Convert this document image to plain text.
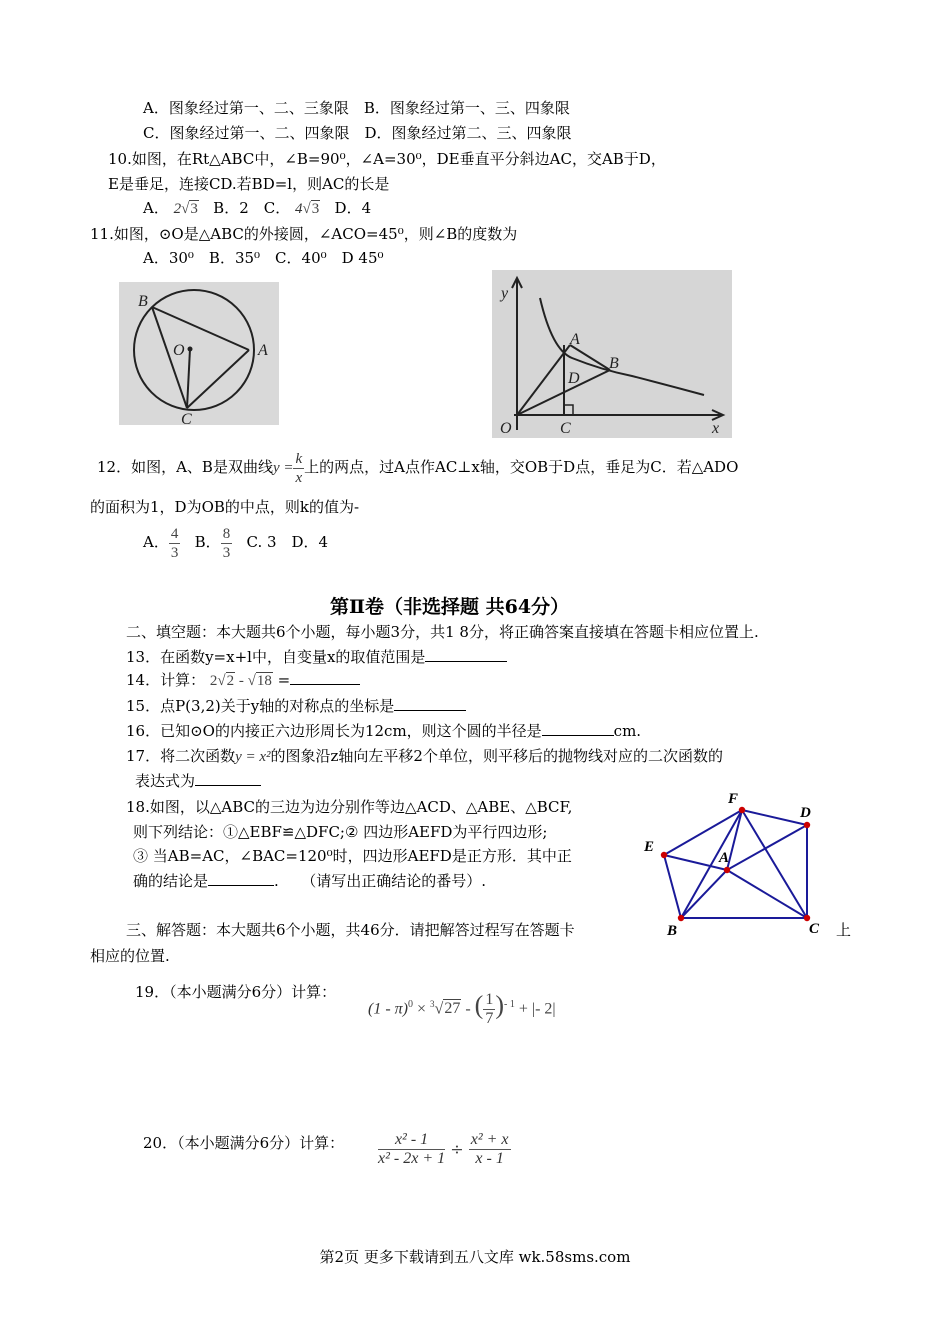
A．图象经过第一、二、三象限　B．图象经过第一、三、四象限
C．图象经过第一、二、四象限　D．图象经过第二、三、四象限
10.如图，在Rt△ABC中，∠B=90⁰，∠A=30⁰，DE垂直平分斜边AC，交AB于D，
E是垂足，连接CD.若BD=l，则AC的长是
A． 2√3 B．2　C． 4√3 D．4
11.如图，⊙O是△ABC的外接圆，∠ACO=45⁰，则∠B的度数为
A．30⁰　B．35⁰　C．40⁰　D 45⁰
B
O	A
C
y
A
B
D
O	C	x
12．如图，A、B是双曲线$y = \frac{k}{x}$ 上的两点，过A点作AC⊥x轴，交OB于D点，垂足为C．若△ADO
的面积为1，D为OB的中点，则k的值为-
A． $\frac{4}{3}$ B． $\frac{8}{3} C$. 3　D．4
第Ⅱ卷（非选择题 共64分）
二、填空题：本大题共6个小题，每小题3分，共1 8分，将正确答案直接填在答题卡相应位置上.
13．在函数y=x+l中，自变量x的取值范围是
14．计算： 2√2 - √18 =
15．点P(3,2)关于y轴的对称点的坐标是
16．已知⊙O的内接正六边形周长为12cm，则这个圆的半径是	cm.
17．将二次函数y = x²的图象沿z轴向左平移2个单位，则平移后的抛物线对应的二次函数的
表达式为
18.如图，以△ABC的三边为边分别作等边△ACD、△ABE、△BCF,
则下列结论：①△EBF≌△DFC;② 四边形AEFD为平行四边形;
③ 当AB=AC，∠BAC=120⁰时，四边形AEFD是正方形．其中正
确的结论是	.　　（请写出正确结论的番号）.
F
D
E
A
B	C
三、解答题：本大题共6个小题，共46分．请把解答过程写在答题卡	上
相应的位置.
19．（本小题满分6分）计算：
(1 - π)$^0$ × $^3$√27 - ( $\frac{1}{7} )^{- 1}$ + |- 2|
20．（本小题满分6分）计算： $\frac{\text{x² - 1}}{\text{x² - 2x + 1}} \div \frac{\text{x² + x}}{x - 1}$
第2页 更多下载请到五八文库 wk.58sms.com
